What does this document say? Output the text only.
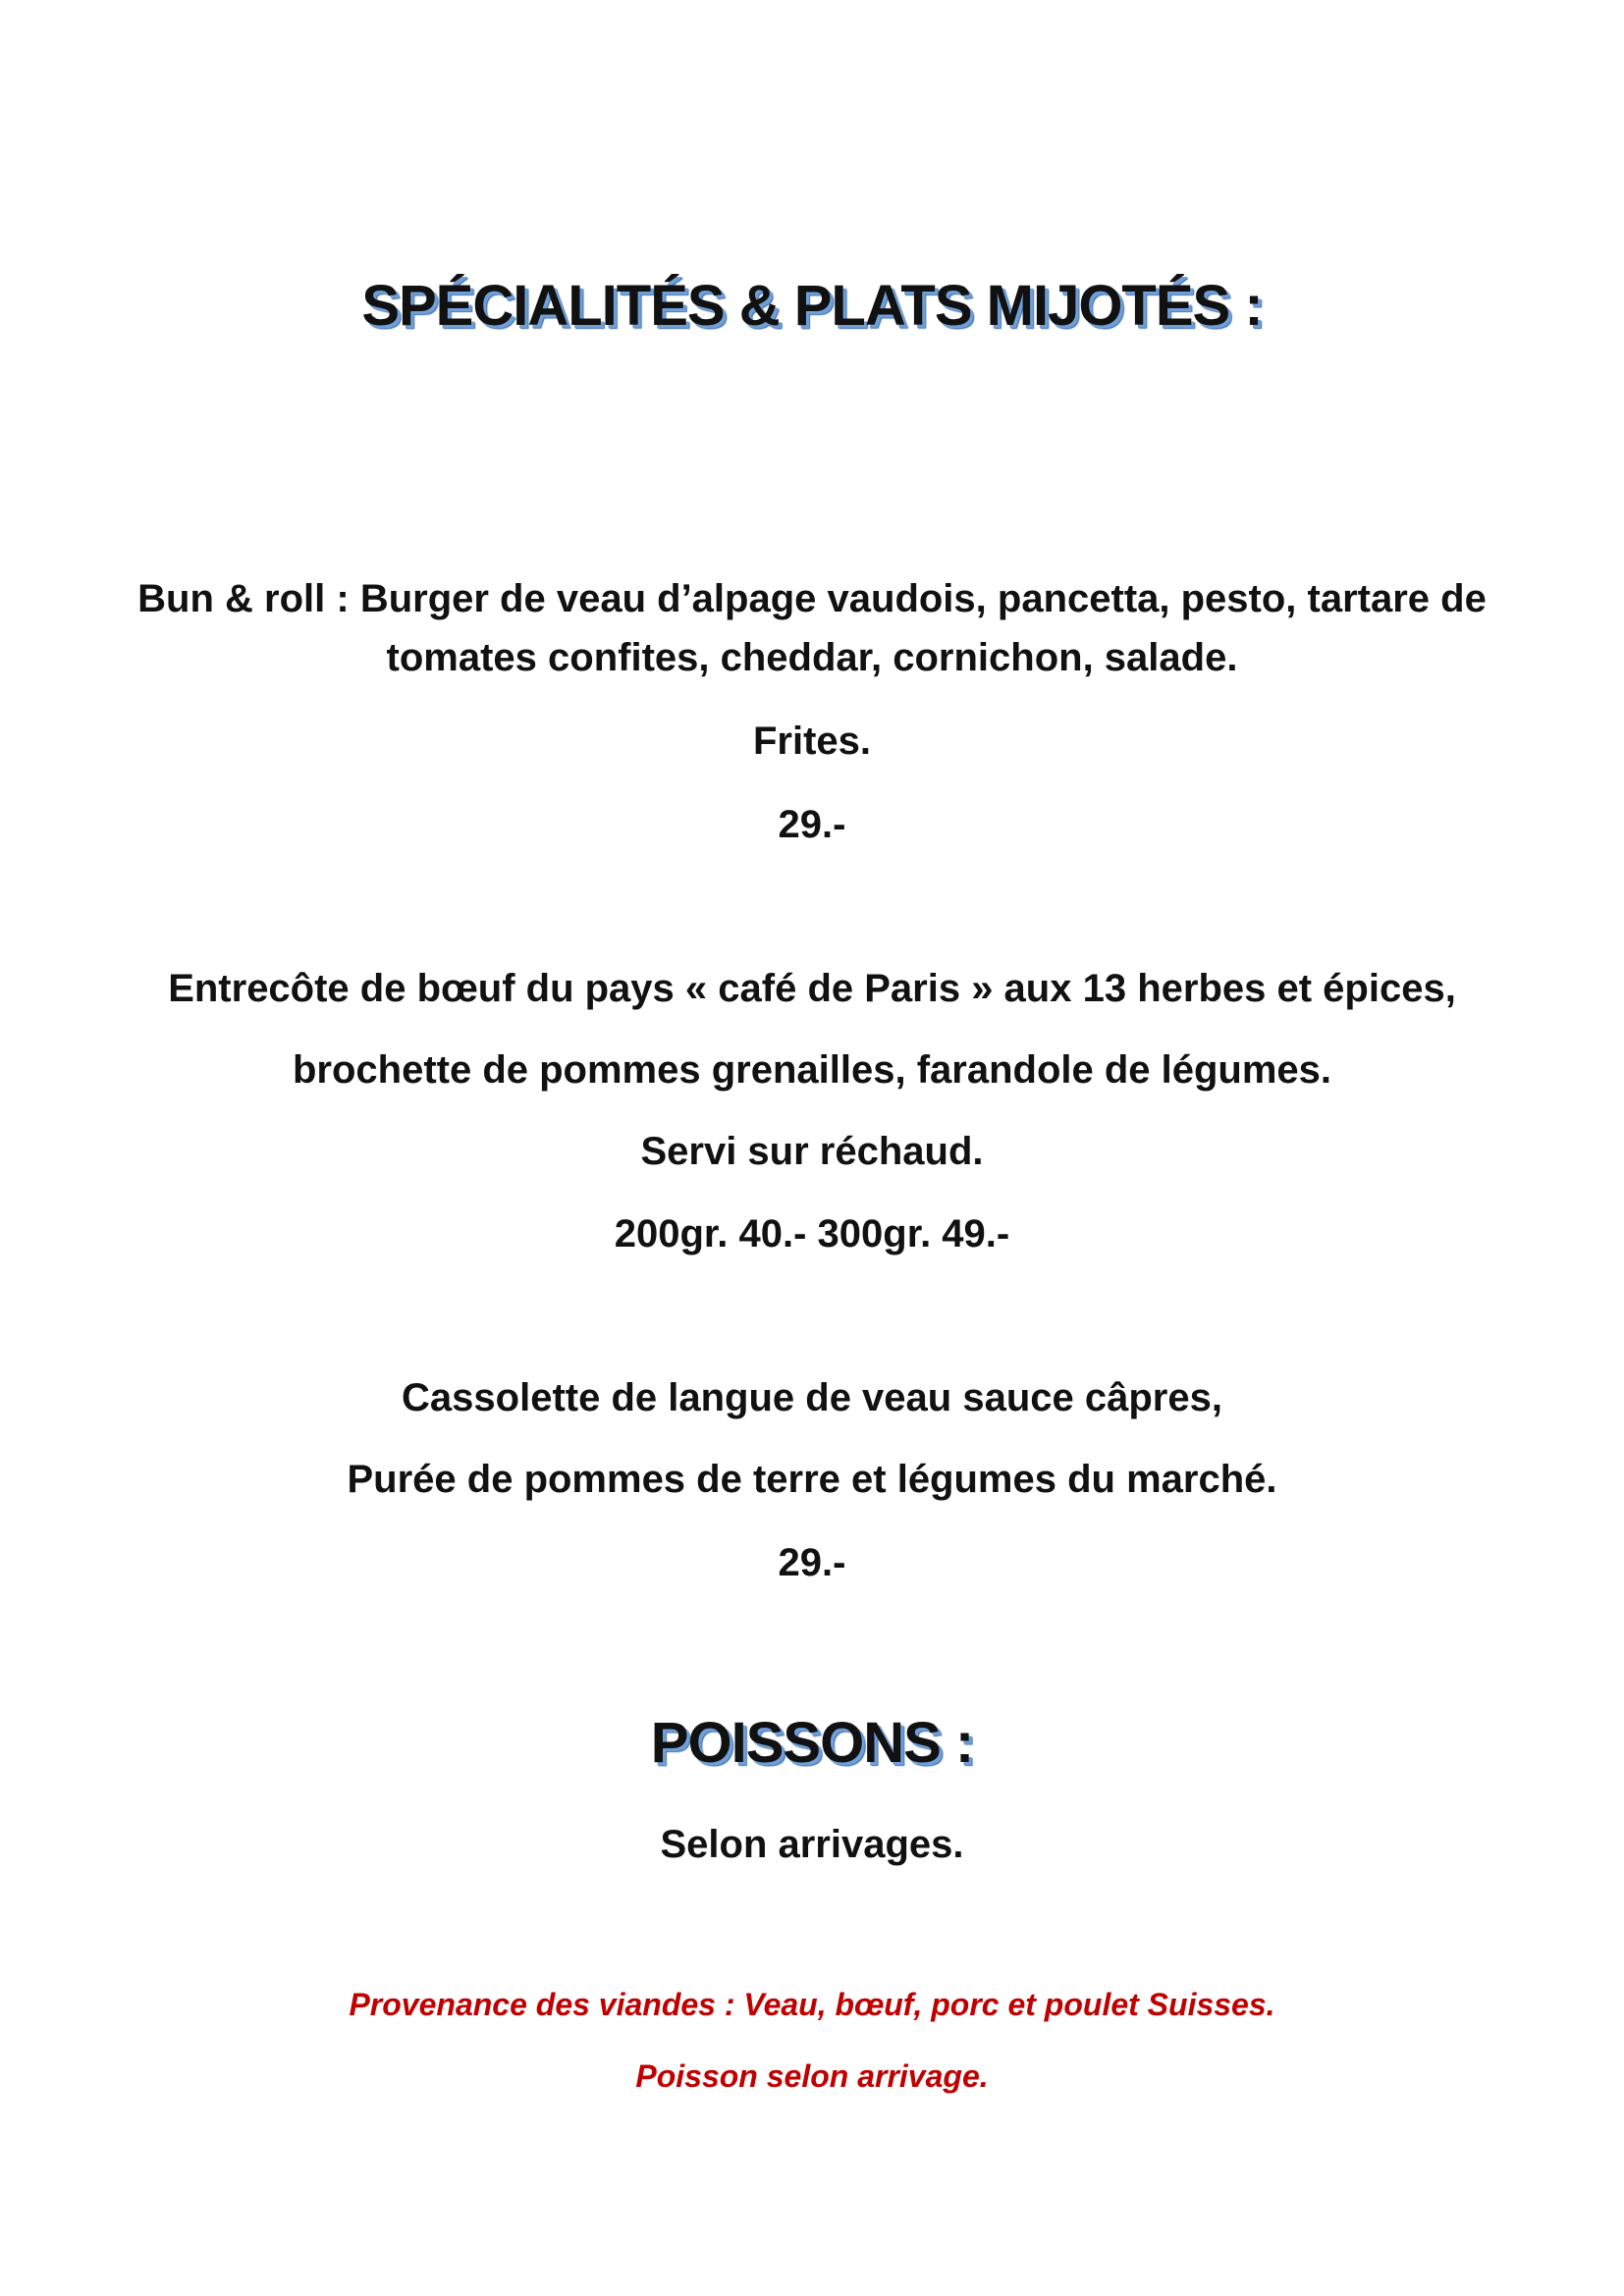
SPÉCIALITÉS & PLATS MIJOTÉS :
Bun & roll : Burger de veau d’alpage vaudois, pancetta, pesto, tartare de
tomates confites, cheddar, cornichon, salade.
Frites.
29.-
Entrecôte de bœuf du pays « café de Paris » aux 13 herbes et épices,
brochette de pommes grenailles, farandole de légumes.
Servi sur réchaud.
200gr. 40.- 300gr. 49.-
Cassolette de langue de veau sauce câpres,
Purée de pommes de terre et légumes du marché.
29.-
POISSONS :
Selon arrivages.
Provenance des viandes : Veau, bœuf, porc et poulet Suisses.
Poisson selon arrivage.
